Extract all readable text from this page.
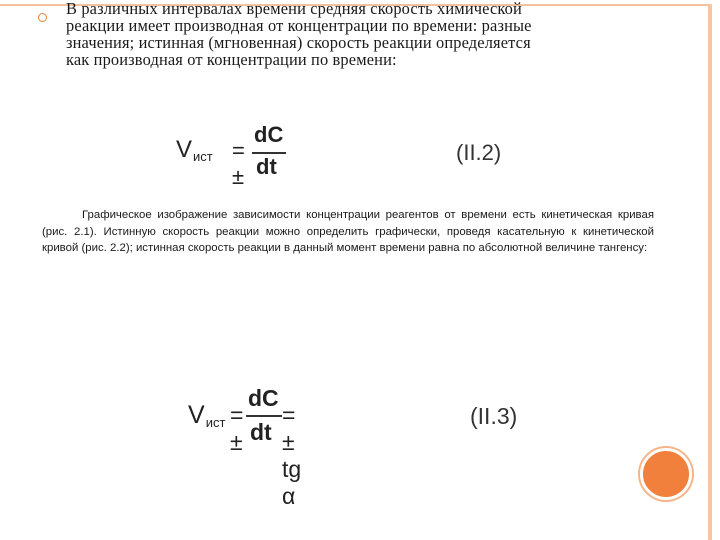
В различных интервалах времени средняя скорость химической
реакции имеет производная от концентрации по времени: разные
значения; истинная (мгновенная) скорость реакции определяется
как производная от концентрации по времени:

Vист = ±
dC
dt
(II.2)

Графическое изображение зависимости концентрации реагентов от времени есть кинетическая кривая (рис. 2.1). Истинную скорость реакции можно определить графически, проведя касательную к кинетической кривой (рис. 2.2); истинная скорость реакции в данный момент времени равна по абсолютной величине тангенсу:

Vист = ±
dC
dt
= ± tg α
(II.3)
